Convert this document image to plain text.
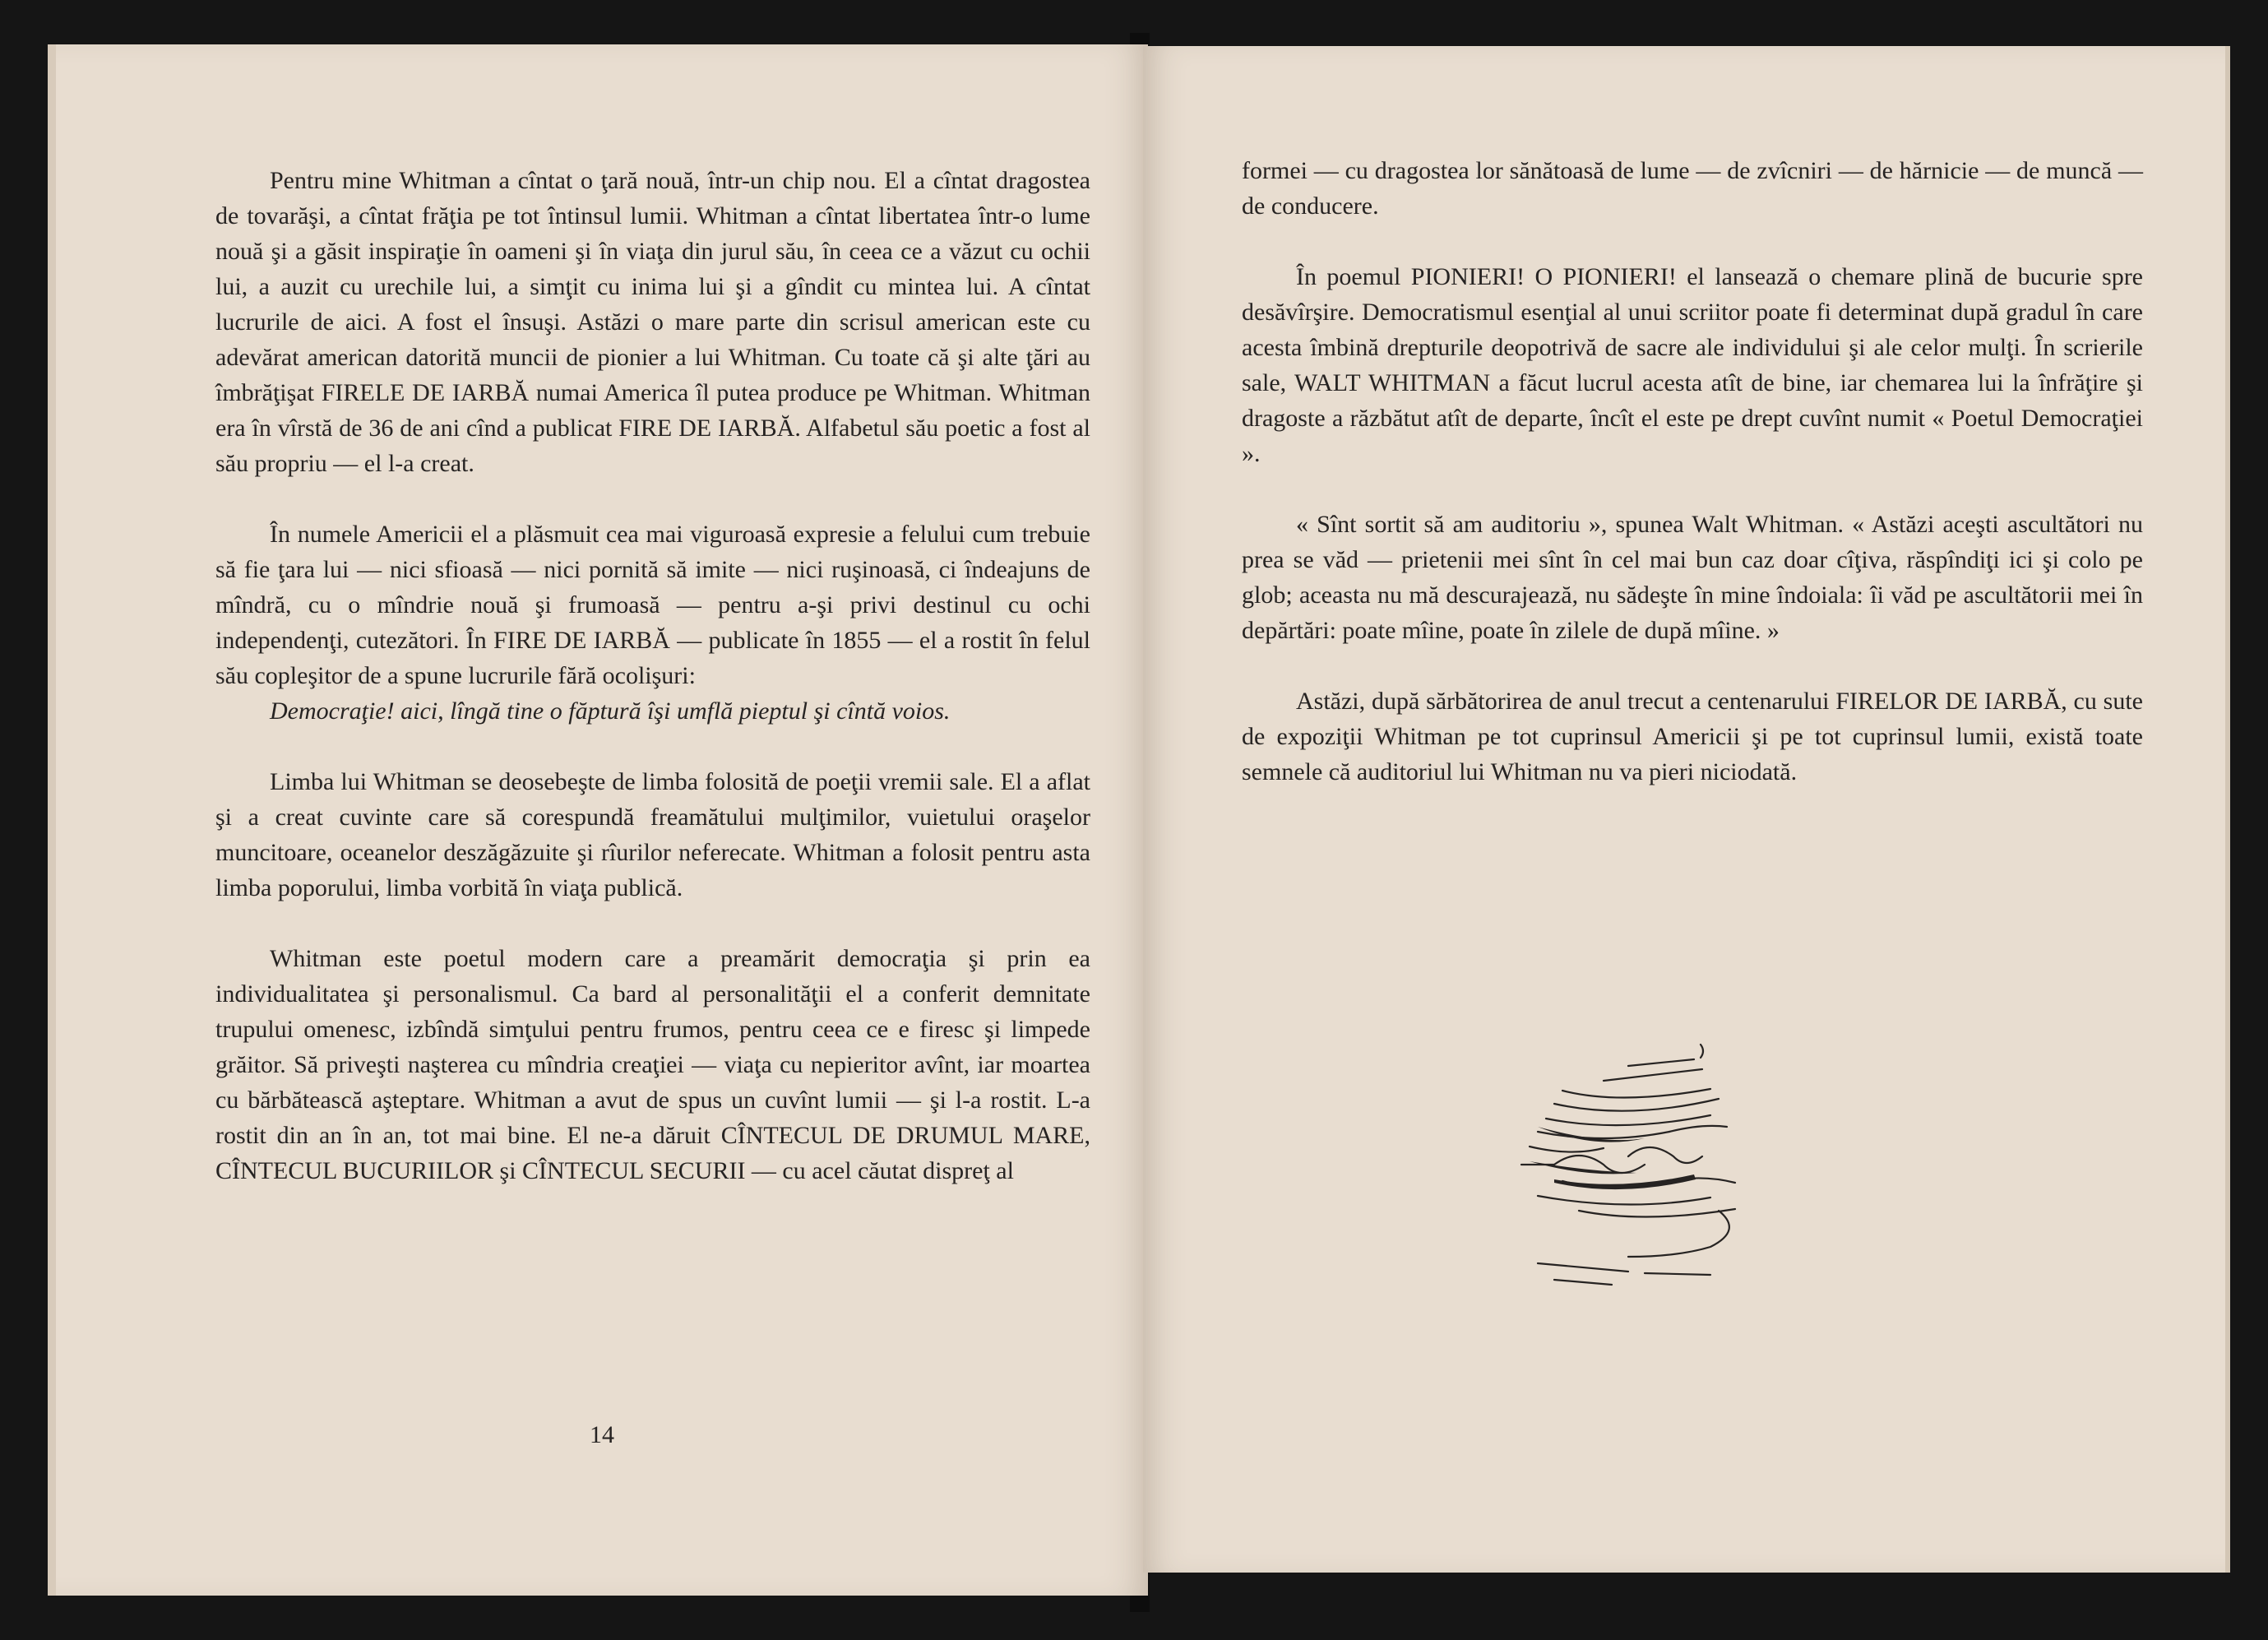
Pentru mine Whitman a cîntat o ţară nouă, într-un chip nou. El a cîntat dragostea de tovarăşi, a cîntat frăţia pe tot întinsul lumii. Whitman a cîntat libertatea într-o lume nouă şi a găsit inspiraţie în oameni şi în viaţa din jurul său, în ceea ce a văzut cu ochii lui, a auzit cu urechile lui, a simţit cu inima lui şi a gîndit cu mintea lui. A cîntat lucrurile de aici. A fost el însuşi. Astăzi o mare parte din scrisul american este cu adevărat american datorită muncii de pionier a lui Whitman. Cu toate că şi alte ţări au îmbrăţişat FIRELE DE IARBĂ numai America îl putea produce pe Whitman. Whitman era în vîrstă de 36 de ani cînd a publicat FIRE DE IARBĂ. Alfabetul său poetic a fost al său propriu — el l-a creat.

În numele Americii el a plăsmuit cea mai viguroasă expresie a felului cum trebuie să fie ţara lui — nici sfioasă — nici pornită să imite — nici ruşinoasă, ci îndeajuns de mîndră, cu o mîndrie nouă şi frumoasă — pentru a-şi privi destinul cu ochi independenţi, cutezători. În FIRE DE IARBĂ — publicate în 1855 — el a rostit în felul său copleşitor de a spune lucrurile fără ocolişuri:

Democraţie! aici, lîngă tine o făptură îşi umflă pieptul şi cîntă voios.

Limba lui Whitman se deosebeşte de limba folosită de poeţii vremii sale. El a aflat şi a creat cuvinte care să corespundă freamătului mulţimilor, vuietului oraşelor muncitoare, oceanelor deszăgăzuite şi rîurilor neferecate. Whitman a folosit pentru asta limba poporului, limba vorbită în viaţa publică.

Whitman este poetul modern care a preamărit democraţia şi prin ea individualitatea şi personalismul. Ca bard al personalităţii el a conferit demnitate trupului omenesc, izbîndă simţului pentru frumos, pentru ceea ce e firesc şi limpede grăitor. Să priveşti naşterea cu mîndria creaţiei — viaţa cu nepieritor avînt, iar moartea cu bărbătească aşteptare. Whitman a avut de spus un cuvînt lumii — şi l-a rostit. L-a rostit din an în an, tot mai bine. El ne-a dăruit CÎNTECUL DE DRUMUL MARE, CÎNTECUL BUCURIILOR şi CÎNTECUL SECURII — cu acel căutat dispreţ al

14

formei — cu dragostea lor sănătoasă de lume — de zvîcniri — de hărnicie — de muncă — de conducere.

În poemul PIONIERI! O PIONIERI! el lansează o chemare plină de bucurie spre desăvîrşire. Democratismul esenţial al unui scriitor poate fi determinat după gradul în care acesta îmbină drepturile deopotrivă de sacre ale individului şi ale celor mulţi. În scrierile sale, WALT WHITMAN a făcut lucrul acesta atît de bine, iar chemarea lui la înfrăţire şi dragoste a răzbătut atît de departe, încît el este pe drept cuvînt numit « Poetul Democraţiei ».

« Sînt sortit să am auditoriu », spunea Walt Whitman. « Astăzi aceşti ascultători nu prea se văd — prietenii mei sînt în cel mai bun caz doar cîţiva, răspîndiţi ici şi colo pe glob; aceasta nu mă descurajează, nu sădeşte în mine îndoiala: îi văd pe ascultătorii mei în depărtări: poate mîine, poate în zilele de după mîine. »

Astăzi, după sărbătorirea de anul trecut a centenarului FIRELOR DE IARBĂ, cu sute de expoziţii Whitman pe tot cuprinsul Americii şi pe tot cuprinsul lumii, există toate semnele că auditoriul lui Whitman nu va pieri niciodată.
